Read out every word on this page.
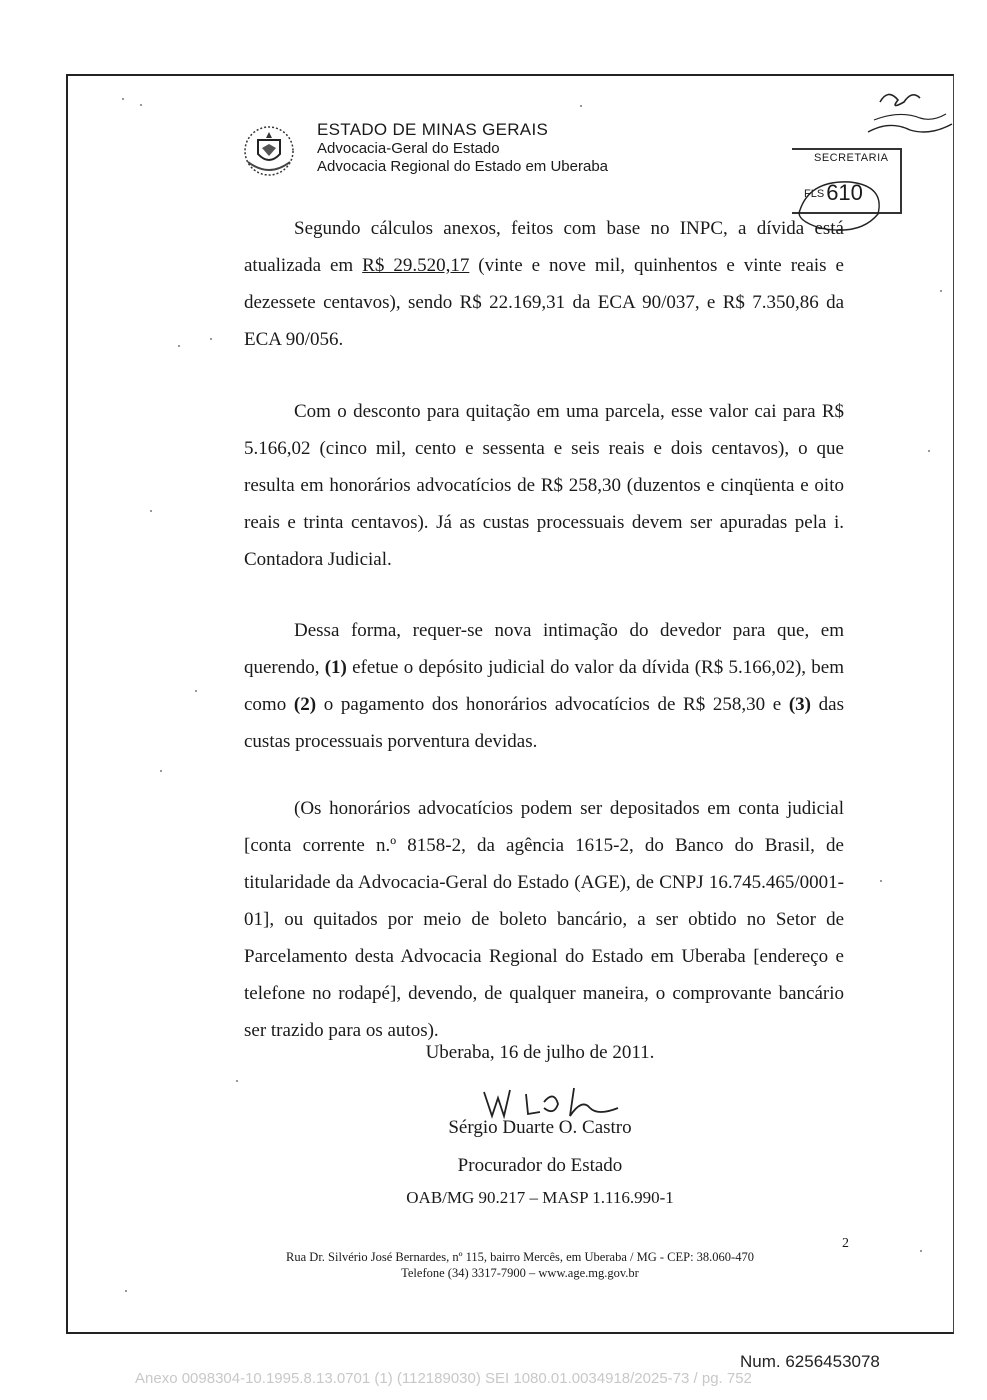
ESTADO DE MINAS GERAIS
Advocacia-Geral do Estado
Advocacia Regional do Estado em Uberaba	SECRETARIA
FLS610

Segundo cálculos anexos, feitos com base no INPC, a dívida está atualizada em R$ 29.520,17 (vinte e nove mil, quinhentos e vinte reais e dezessete centavos), sendo R$ 22.169,31 da ECA 90/037, e R$ 7.350,86 da ECA 90/056.

Com o desconto para quitação em uma parcela, esse valor cai para R$ 5.166,02 (cinco mil, cento e sessenta e seis reais e dois centavos), o que resulta em honorários advocatícios de R$ 258,30 (duzentos e cinqüenta e oito reais e trinta centavos). Já as custas processuais devem ser apuradas pela i. Contadora Judicial.

Dessa forma, requer-se nova intimação do devedor para que, em querendo, (1) efetue o depósito judicial do valor da dívida (R$ 5.166,02), bem como (2) o pagamento dos honorários advocatícios de R$ 258,30 e (3) das custas processuais porventura devidas.

(Os honorários advocatícios podem ser depositados em conta judicial [conta corrente n.º 8158-2, da agência 1615-2, do Banco do Brasil, de titularidade da Advocacia-Geral do Estado (AGE), de CNPJ 16.745.465/0001-01], ou quitados por meio de boleto bancário, a ser obtido no Setor de Parcelamento desta Advocacia Regional do Estado em Uberaba [endereço e telefone no rodapé], devendo, de qualquer maneira, o comprovante bancário ser trazido para os autos).

Uberaba, 16 de julho de 2011.
Sérgio Duarte O. Castro
Procurador do Estado
OAB/MG 90.217 – MASP 1.116.990-1
Rua Dr. Silvério José Bernardes, nº 115, bairro Mercês, em Uberaba / MG - CEP: 38.060-470
Telefone (34) 3317-7900 – www.age.mg.gov.br
2
Num. 6256453078
Anexo 0098304-10.1995.8.13.0701 (1) (112189030) SEI 1080.01.0034918/2025-73 / pg. 752
